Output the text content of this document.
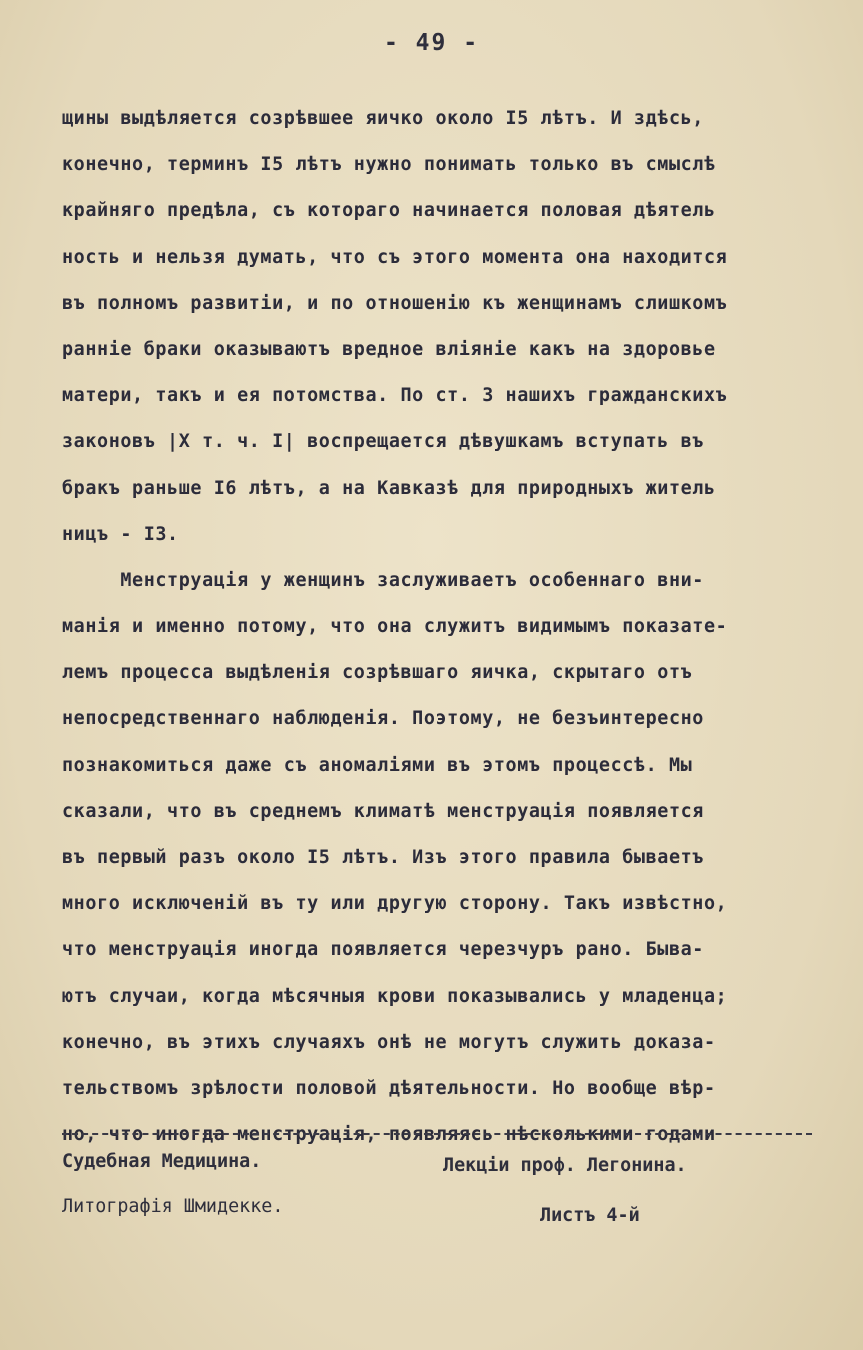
- 49 -
щины выдѣляется созрѣвшее яичко около I5 лѣтъ. И здѣсь,
конечно, терминъ I5 лѣтъ нужно понимать только въ смыслѣ
крайняго предѣла, съ котораго начинается половая дѣятель
ность и нельзя думать, что съ этого момента она находится
въ полномъ развитіи, и по отношенію къ женщинамъ слишкомъ
ранніе браки оказываютъ вредное вліяніе какъ на здоровье
матери, такъ и ея потомства. По ст. 3 нашихъ гражданскихъ
законовъ |X т. ч. I| воспрещается дѣвушкамъ вступать въ
бракъ раньше I6 лѣтъ, а на Кавказѣ для природныхъ житель
ницъ - I3.
Менструація у женщинъ заслуживаетъ особеннаго вни-
манія и именно потому, что она служитъ видимымъ показате-
лемъ процесса выдѣленія созрѣвшаго яичка, скрытаго отъ
непосредственнаго наблюденія. Поэтому, не безъинтересно
познакомиться даже съ аномаліями въ этомъ процессѣ. Мы
сказали, что въ среднемъ климатѣ менструація появляется
въ первый разъ около I5 лѣтъ. Изъ этого правила бываетъ
много исключеній въ ту или другую сторону. Такъ извѣстно,
что менструація иногда появляется черезчуръ рано. Быва-
ютъ случаи, когда мѣсячныя крови показывались у младенца;
конечно, въ этихъ случаяхъ онѣ не могутъ служить доказа-
тельствомъ зрѣлости половой дѣятельности. Но вообще вѣр-
но, что иногда менструація, появляясь нѣсколькими годами
Судебная Медицина.	Лекціи проф. Легонина.
Литографія Шмидекке.	Листъ 4-й
